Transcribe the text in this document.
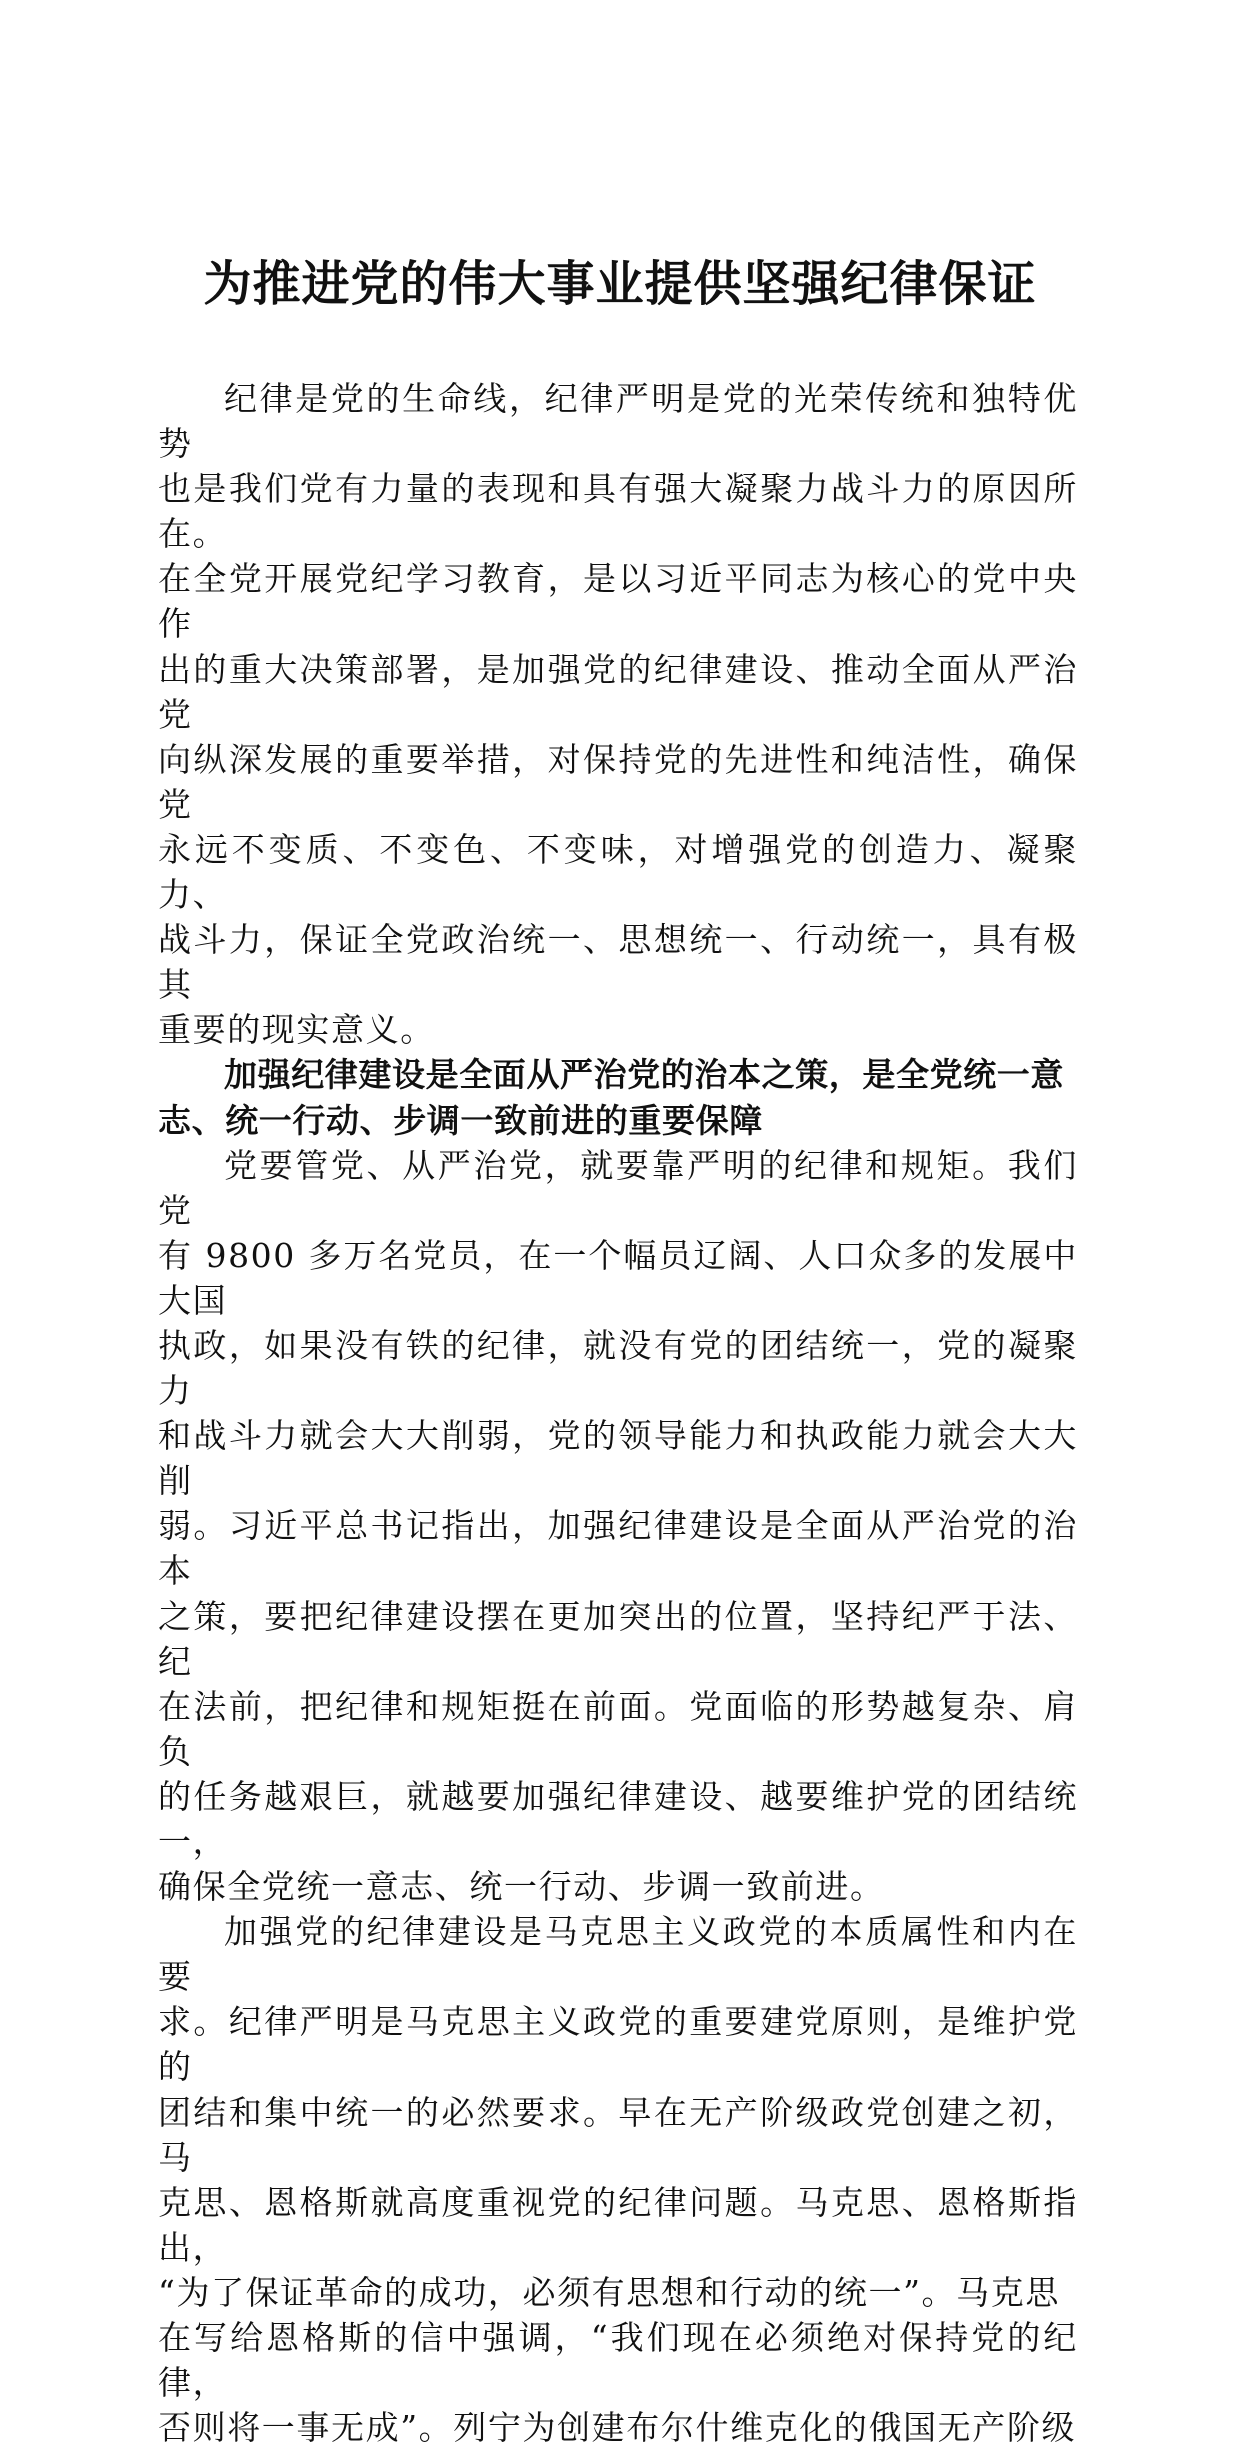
为推进党的伟大事业提供坚强纪律保证

纪律是党的生命线，纪律严明是党的光荣传统和独特优势
也是我们党有力量的表现和具有强大凝聚力战斗力的原因所在。
在全党开展党纪学习教育，是以习近平同志为核心的党中央作
出的重大决策部署，是加强党的纪律建设、推动全面从严治党
向纵深发展的重要举措，对保持党的先进性和纯洁性，确保党
永远不变质、不变色、不变味，对增强党的创造力、凝聚力、
战斗力，保证全党政治统一、思想统一、行动统一，具有极其
重要的现实意义。

加强纪律建设是全面从严治党的治本之策，是全党统一意
志、统一行动、步调一致前进的重要保障

党要管党、从严治党，就要靠严明的纪律和规矩。我们党
有 9800 多万名党员，在一个幅员辽阔、人口众多的发展中大国
执政，如果没有铁的纪律，就没有党的团结统一，党的凝聚力
和战斗力就会大大削弱，党的领导能力和执政能力就会大大削
弱。习近平总书记指出，加强纪律建设是全面从严治党的治本
之策，要把纪律建设摆在更加突出的位置，坚持纪严于法、纪
在法前，把纪律和规矩挺在前面。党面临的形势越复杂、肩负
的任务越艰巨，就越要加强纪律建设、越要维护党的团结统一，
确保全党统一意志、统一行动、步调一致前进。

加强党的纪律建设是马克思主义政党的本质属性和内在要
求。纪律严明是马克思主义政党的重要建党原则，是维护党的
团结和集中统一的必然要求。早在无产阶级政党创建之初，马
克思、恩格斯就高度重视党的纪律问题。马克思、恩格斯指出，
“为了保证革命的成功，必须有思想和行动的统一”。马克思
在写给恩格斯的信中强调，“我们现在必须绝对保持党的纪律，
否则将一事无成”。列宁为创建布尔什维克化的俄国无产阶级
